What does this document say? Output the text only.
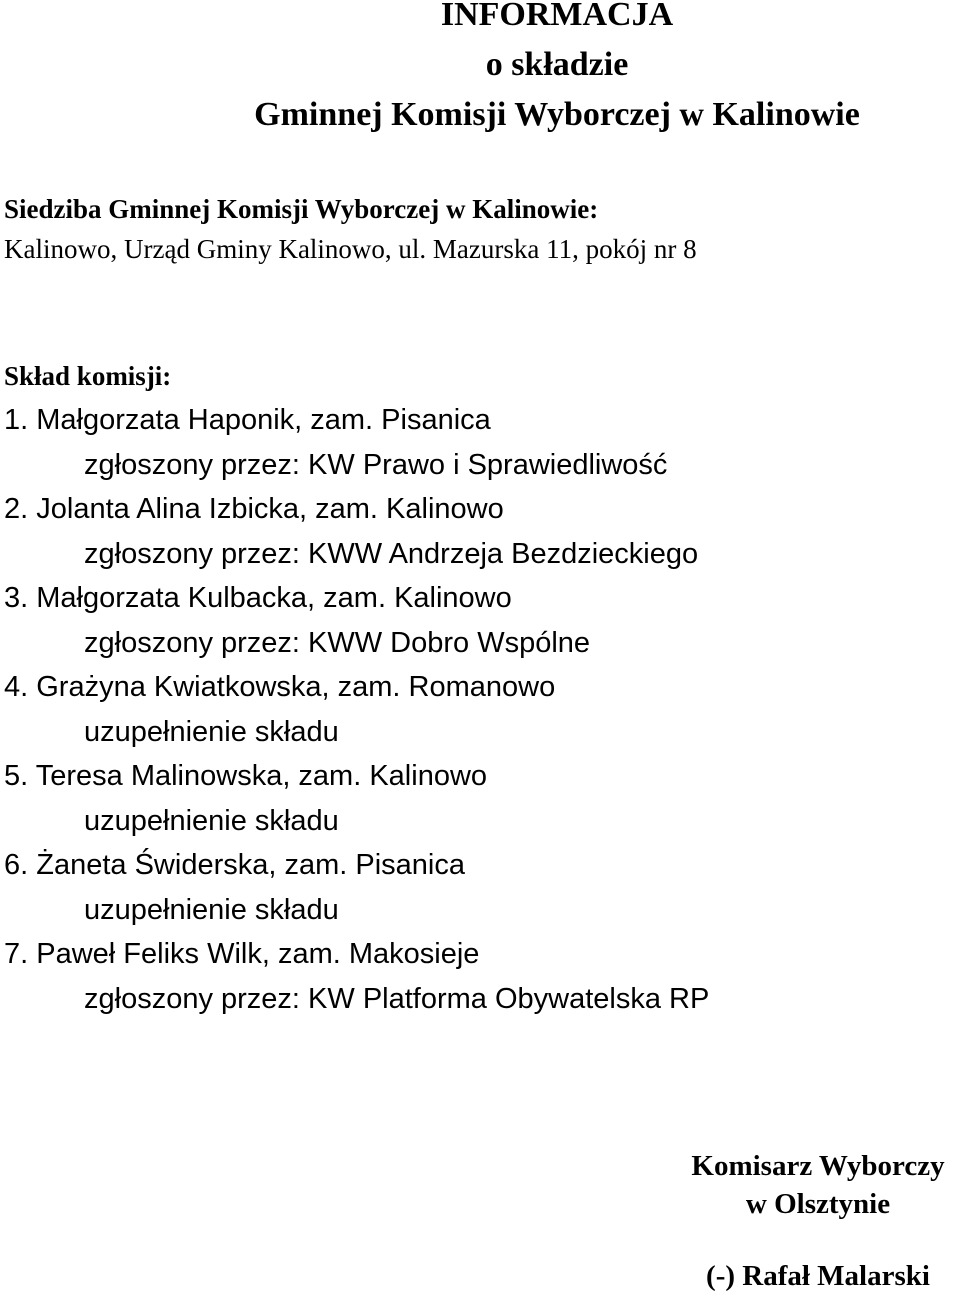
INFORMACJA
o składzie
Gminnej Komisji Wyborczej w Kalinowie
Siedziba Gminnej Komisji Wyborczej w Kalinowie:
Kalinowo, Urząd Gminy Kalinowo, ul. Mazurska 11, pokój nr 8
Skład komisji:
1. Małgorzata Haponik, zam. Pisanica
zgłoszony przez: KW Prawo i Sprawiedliwość
2. Jolanta Alina Izbicka, zam. Kalinowo
zgłoszony przez: KWW Andrzeja Bezdzieckiego
3. Małgorzata Kulbacka, zam. Kalinowo
zgłoszony przez: KWW Dobro Wspólne
4. Grażyna Kwiatkowska, zam. Romanowo
uzupełnienie składu
5. Teresa Malinowska, zam. Kalinowo
uzupełnienie składu
6. Żaneta Świderska, zam. Pisanica
uzupełnienie składu
7. Paweł Feliks Wilk, zam. Makosieje
zgłoszony przez: KW Platforma Obywatelska RP
Komisarz Wyborczy
w Olsztynie
(-) Rafał Malarski
